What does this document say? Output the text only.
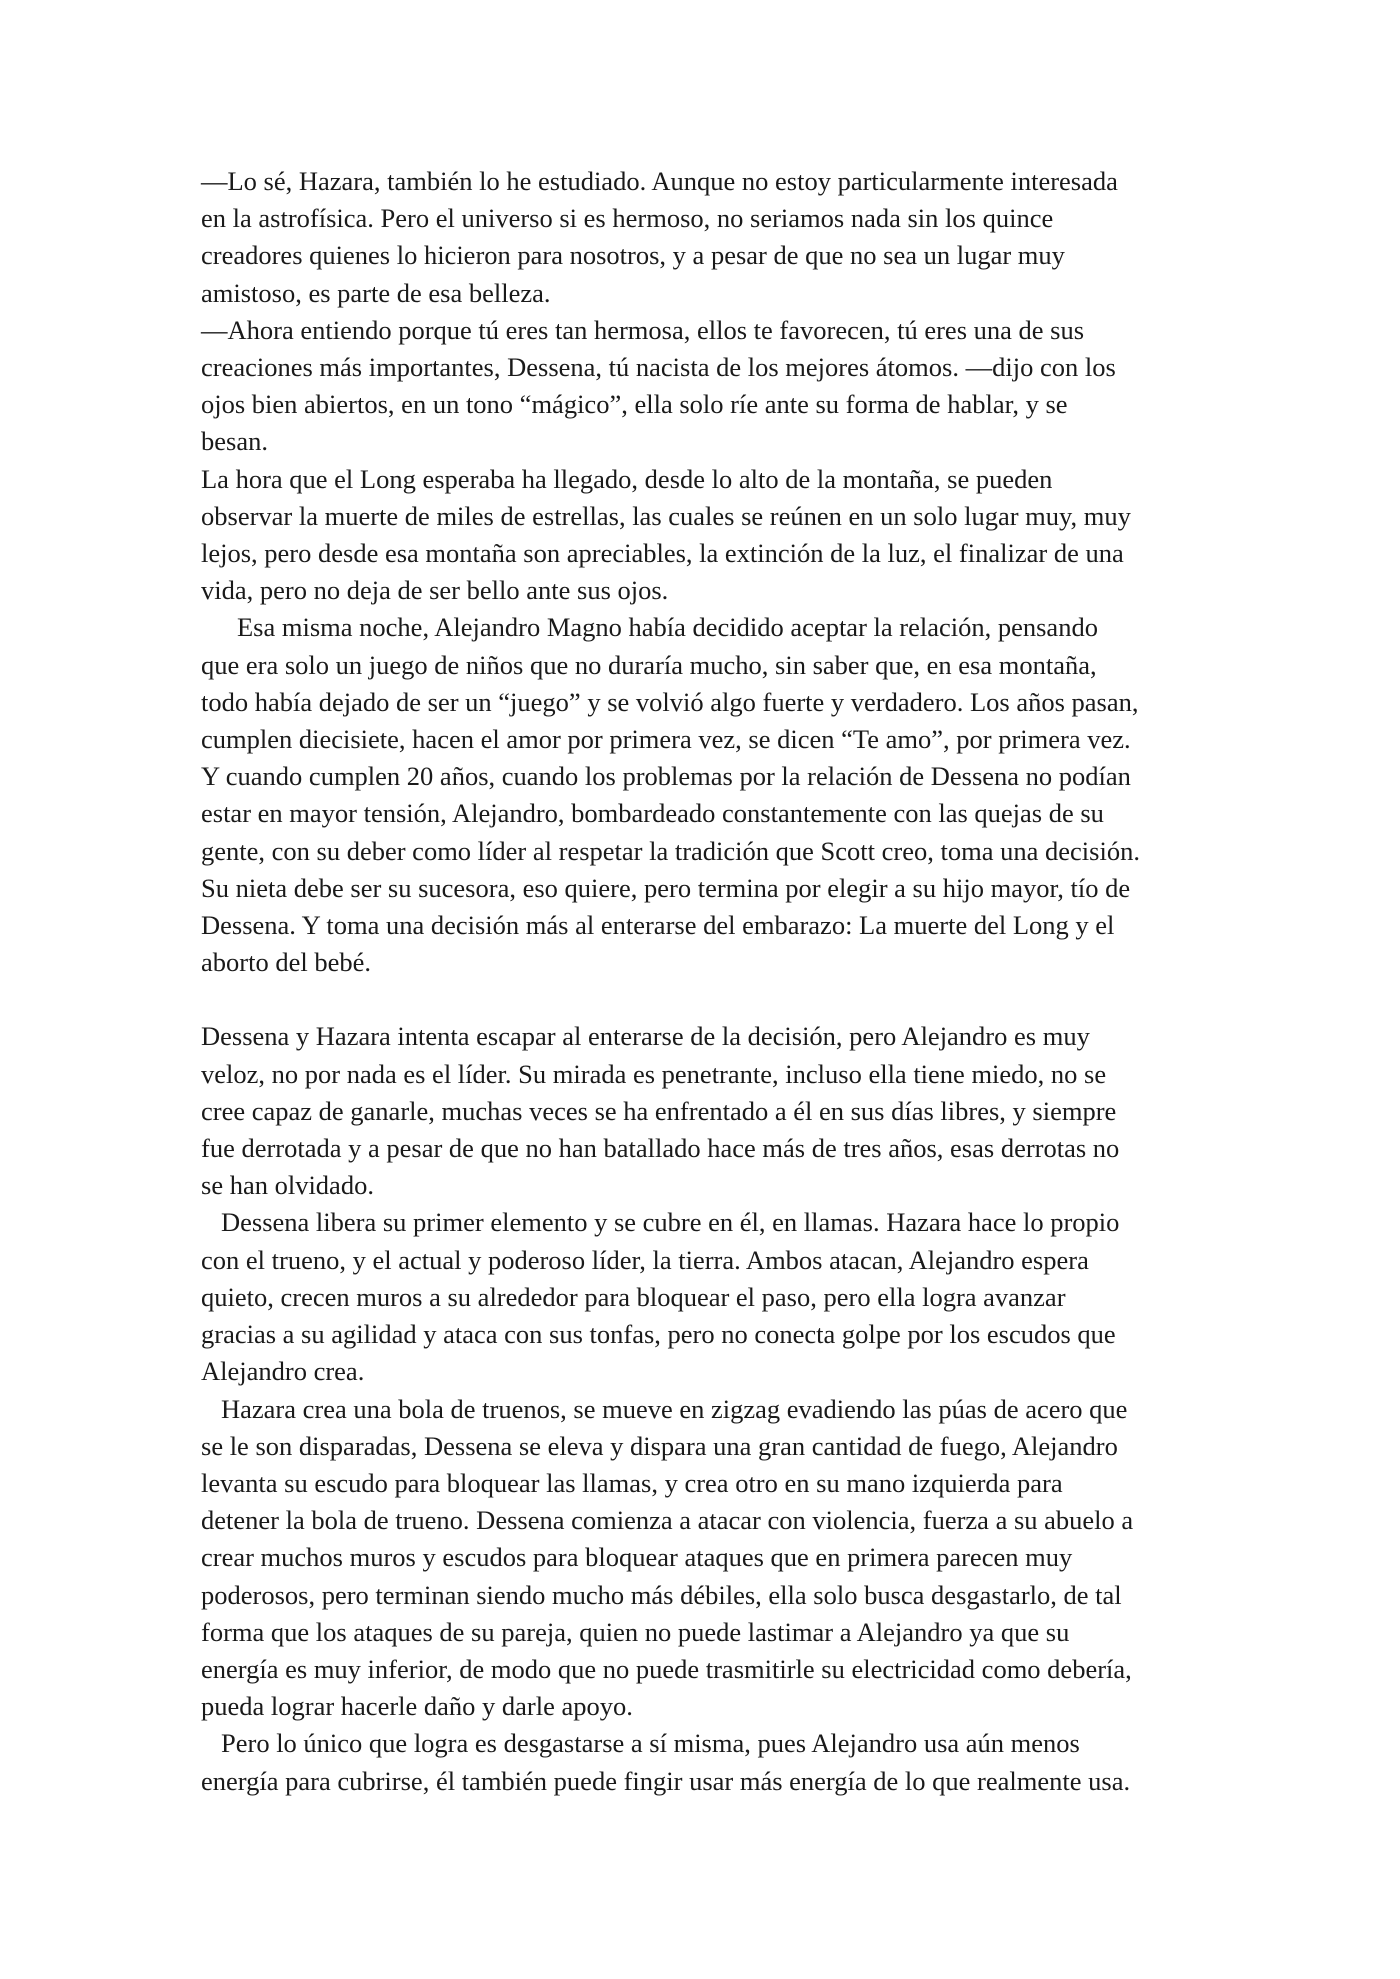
—Lo sé, Hazara, también lo he estudiado. Aunque no estoy particularmente interesada
en la astrofísica. Pero el universo si es hermoso, no seriamos nada sin los quince
creadores quienes lo hicieron para nosotros, y a pesar de que no sea un lugar muy
amistoso, es parte de esa belleza.
—Ahora entiendo porque tú eres tan hermosa, ellos te favorecen, tú eres una de sus
creaciones más importantes, Dessena, tú nacista de los mejores átomos. —dijo con los
ojos bien abiertos, en un tono “mágico”, ella solo ríe ante su forma de hablar, y se
besan.
La hora que el Long esperaba ha llegado, desde lo alto de la montaña, se pueden
observar la muerte de miles de estrellas, las cuales se reúnen en un solo lugar muy, muy
lejos, pero desde esa montaña son apreciables, la extinción de la luz, el finalizar de una
vida, pero no deja de ser bello ante sus ojos.
Esa misma noche, Alejandro Magno había decidido aceptar la relación, pensando
que era solo un juego de niños que no duraría mucho, sin saber que, en esa montaña,
todo había dejado de ser un “juego” y se volvió algo fuerte y verdadero. Los años pasan,
cumplen diecisiete, hacen el amor por primera vez, se dicen “Te amo”, por primera vez.
Y cuando cumplen 20 años, cuando los problemas por la relación de Dessena no podían
estar en mayor tensión, Alejandro, bombardeado constantemente con las quejas de su
gente, con su deber como líder al respetar la tradición que Scott creo, toma una decisión.
Su nieta debe ser su sucesora, eso quiere, pero termina por elegir a su hijo mayor, tío de
Dessena. Y toma una decisión más al enterarse del embarazo: La muerte del Long y el
aborto del bebé.
Dessena y Hazara intenta escapar al enterarse de la decisión, pero Alejandro es muy
veloz, no por nada es el líder. Su mirada es penetrante, incluso ella tiene miedo, no se
cree capaz de ganarle, muchas veces se ha enfrentado a él en sus días libres, y siempre
fue derrotada y a pesar de que no han batallado hace más de tres años, esas derrotas no
se han olvidado.
Dessena libera su primer elemento y se cubre en él, en llamas. Hazara hace lo propio
con el trueno, y el actual y poderoso líder, la tierra. Ambos atacan, Alejandro espera
quieto, crecen muros a su alrededor para bloquear el paso, pero ella logra avanzar
gracias a su agilidad y ataca con sus tonfas, pero no conecta golpe por los escudos que
Alejandro crea.
Hazara crea una bola de truenos, se mueve en zigzag evadiendo las púas de acero que
se le son disparadas, Dessena se eleva y dispara una gran cantidad de fuego, Alejandro
levanta su escudo para bloquear las llamas, y crea otro en su mano izquierda para
detener la bola de trueno. Dessena comienza a atacar con violencia, fuerza a su abuelo a
crear muchos muros y escudos para bloquear ataques que en primera parecen muy
poderosos, pero terminan siendo mucho más débiles, ella solo busca desgastarlo, de tal
forma que los ataques de su pareja, quien no puede lastimar a Alejandro ya que su
energía es muy inferior, de modo que no puede trasmitirle su electricidad como debería,
pueda lograr hacerle daño y darle apoyo.
Pero lo único que logra es desgastarse a sí misma, pues Alejandro usa aún menos
energía para cubrirse, él también puede fingir usar más energía de lo que realmente usa.
